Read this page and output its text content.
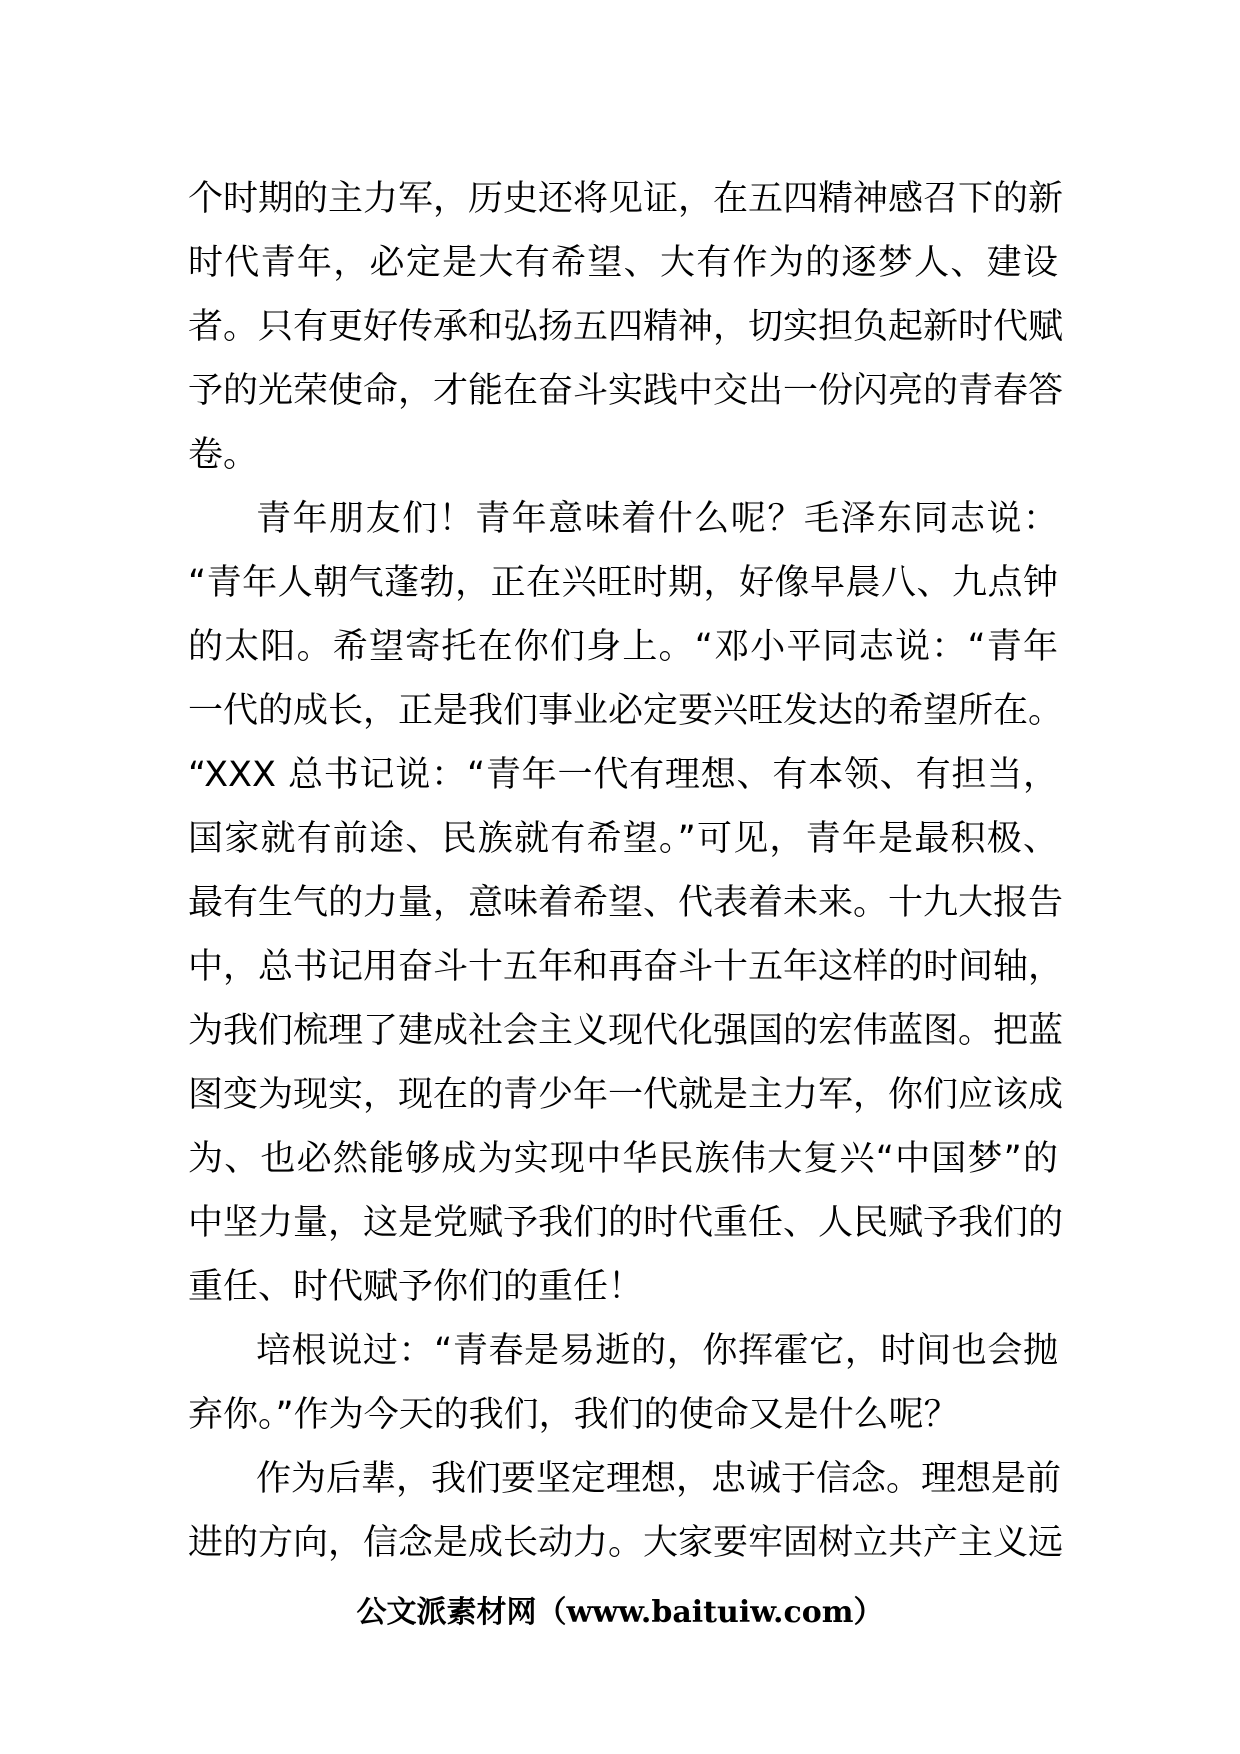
个时期的主力军，历史还将见证，在五四精神感召下的新
时代青年，必定是大有希望、大有作为的逐梦人、建设
者。只有更好传承和弘扬五四精神，切实担负起新时代赋
予的光荣使命，才能在奋斗实践中交出一份闪亮的青春答
卷。
青年朋友们！青年意味着什么呢？毛泽东同志说：
“青年人朝气蓬勃，正在兴旺时期，好像早晨八、九点钟
的太阳。希望寄托在你们身上。“邓小平同志说：“青年
一代的成长，正是我们事业必定要兴旺发达的希望所在。
“XXX 总书记说：“青年一代有理想、有本领、有担当，
国家就有前途、民族就有希望。”可见，青年是最积极、
最有生气的力量，意味着希望、代表着未来。十九大报告
中，总书记用奋斗十五年和再奋斗十五年这样的时间轴，
为我们梳理了建成社会主义现代化强国的宏伟蓝图。把蓝
图变为现实，现在的青少年一代就是主力军，你们应该成
为、也必然能够成为实现中华民族伟大复兴“中国梦”的
中坚力量，这是党赋予我们的时代重任、人民赋予我们的
重任、时代赋予你们的重任！
培根说过：“青春是易逝的，你挥霍它，时间也会抛
弃你。”作为今天的我们，我们的使命又是什么呢？
作为后辈，我们要坚定理想，忠诚于信念。理想是前
进的方向，信念是成长动力。大家要牢固树立共产主义远
公文派素材网（www.baituiw.com）
